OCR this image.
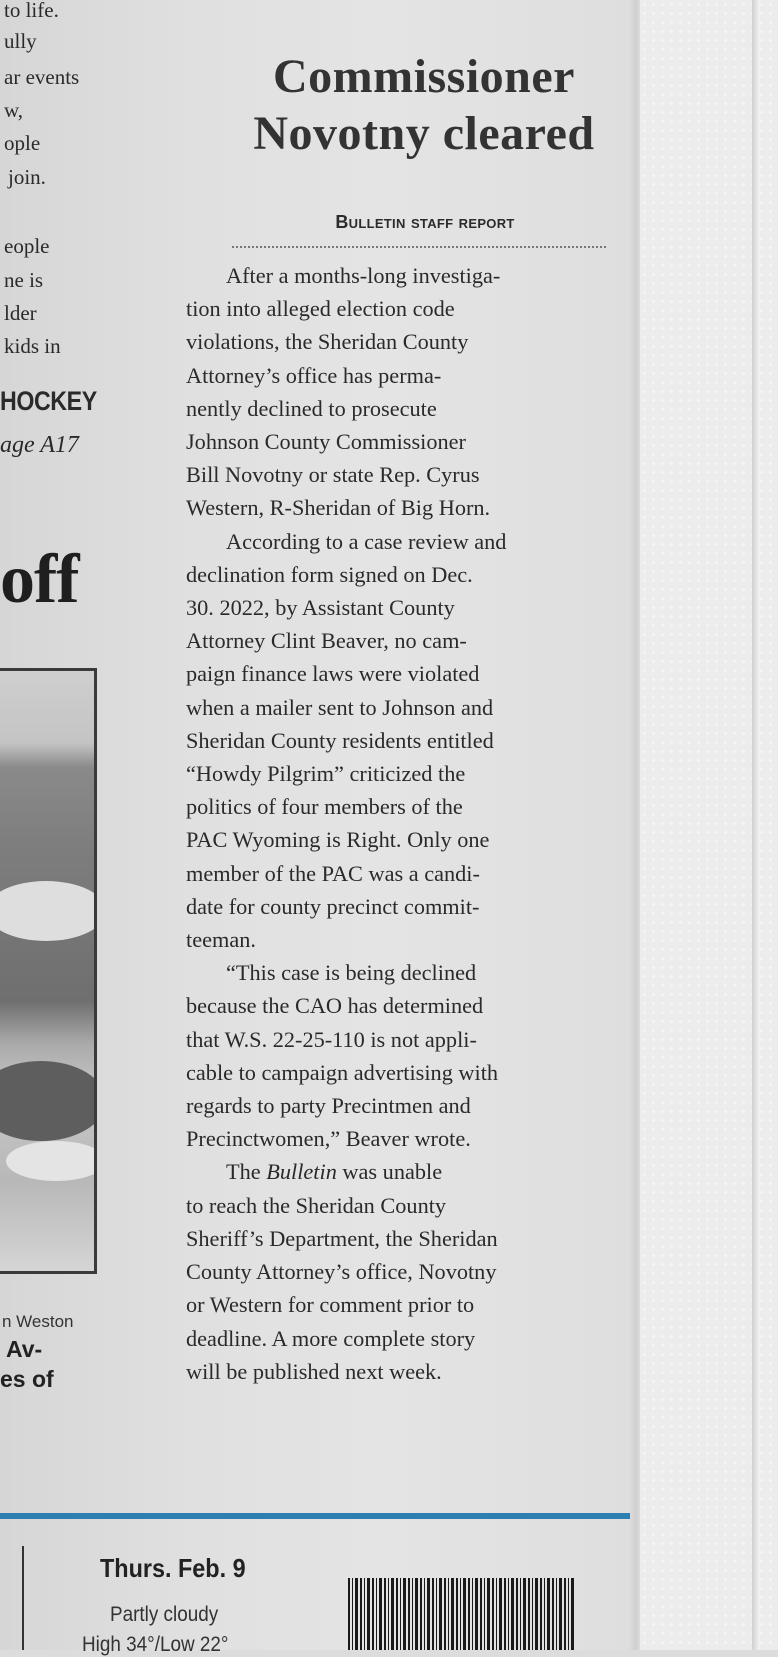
to life.
ully
ar events
w,
ople
join.
eople
ne is
lder
kids in
HOCKEY
age A17
off
n Weston
Av-
es of
Commissioner
Novotny cleared
Bulletin staff report
After a months-long investiga-
tion into alleged election code
violations, the Sheridan County
Attorney’s office has perma-
nently declined to prosecute
Johnson County Commissioner
Bill Novotny or state Rep. Cyrus
Western, R-Sheridan of Big Horn.
According to a case review and
declination form signed on Dec.
30. 2022, by Assistant County
Attorney Clint Beaver, no cam-
paign finance laws were violated
when a mailer sent to Johnson and
Sheridan County residents entitled
“Howdy Pilgrim” criticized the
politics of four members of the
PAC Wyoming is Right. Only one
member of the PAC was a candi-
date for county precinct commit-
teeman.
“This case is being declined
because the CAO has determined
that W.S. 22-25-110 is not appli-
cable to campaign advertising with
regards to party Precintmen and
Precinctwomen,” Beaver wrote.
The Bulletin was unable
to reach the Sheridan County
Sheriff’s Department, the Sheridan
County Attorney’s office, Novotny
or Western for comment prior to
deadline. A more complete story
will be published next week.
Thurs. Feb. 9
Partly cloudy
High 34°/Low 22°
